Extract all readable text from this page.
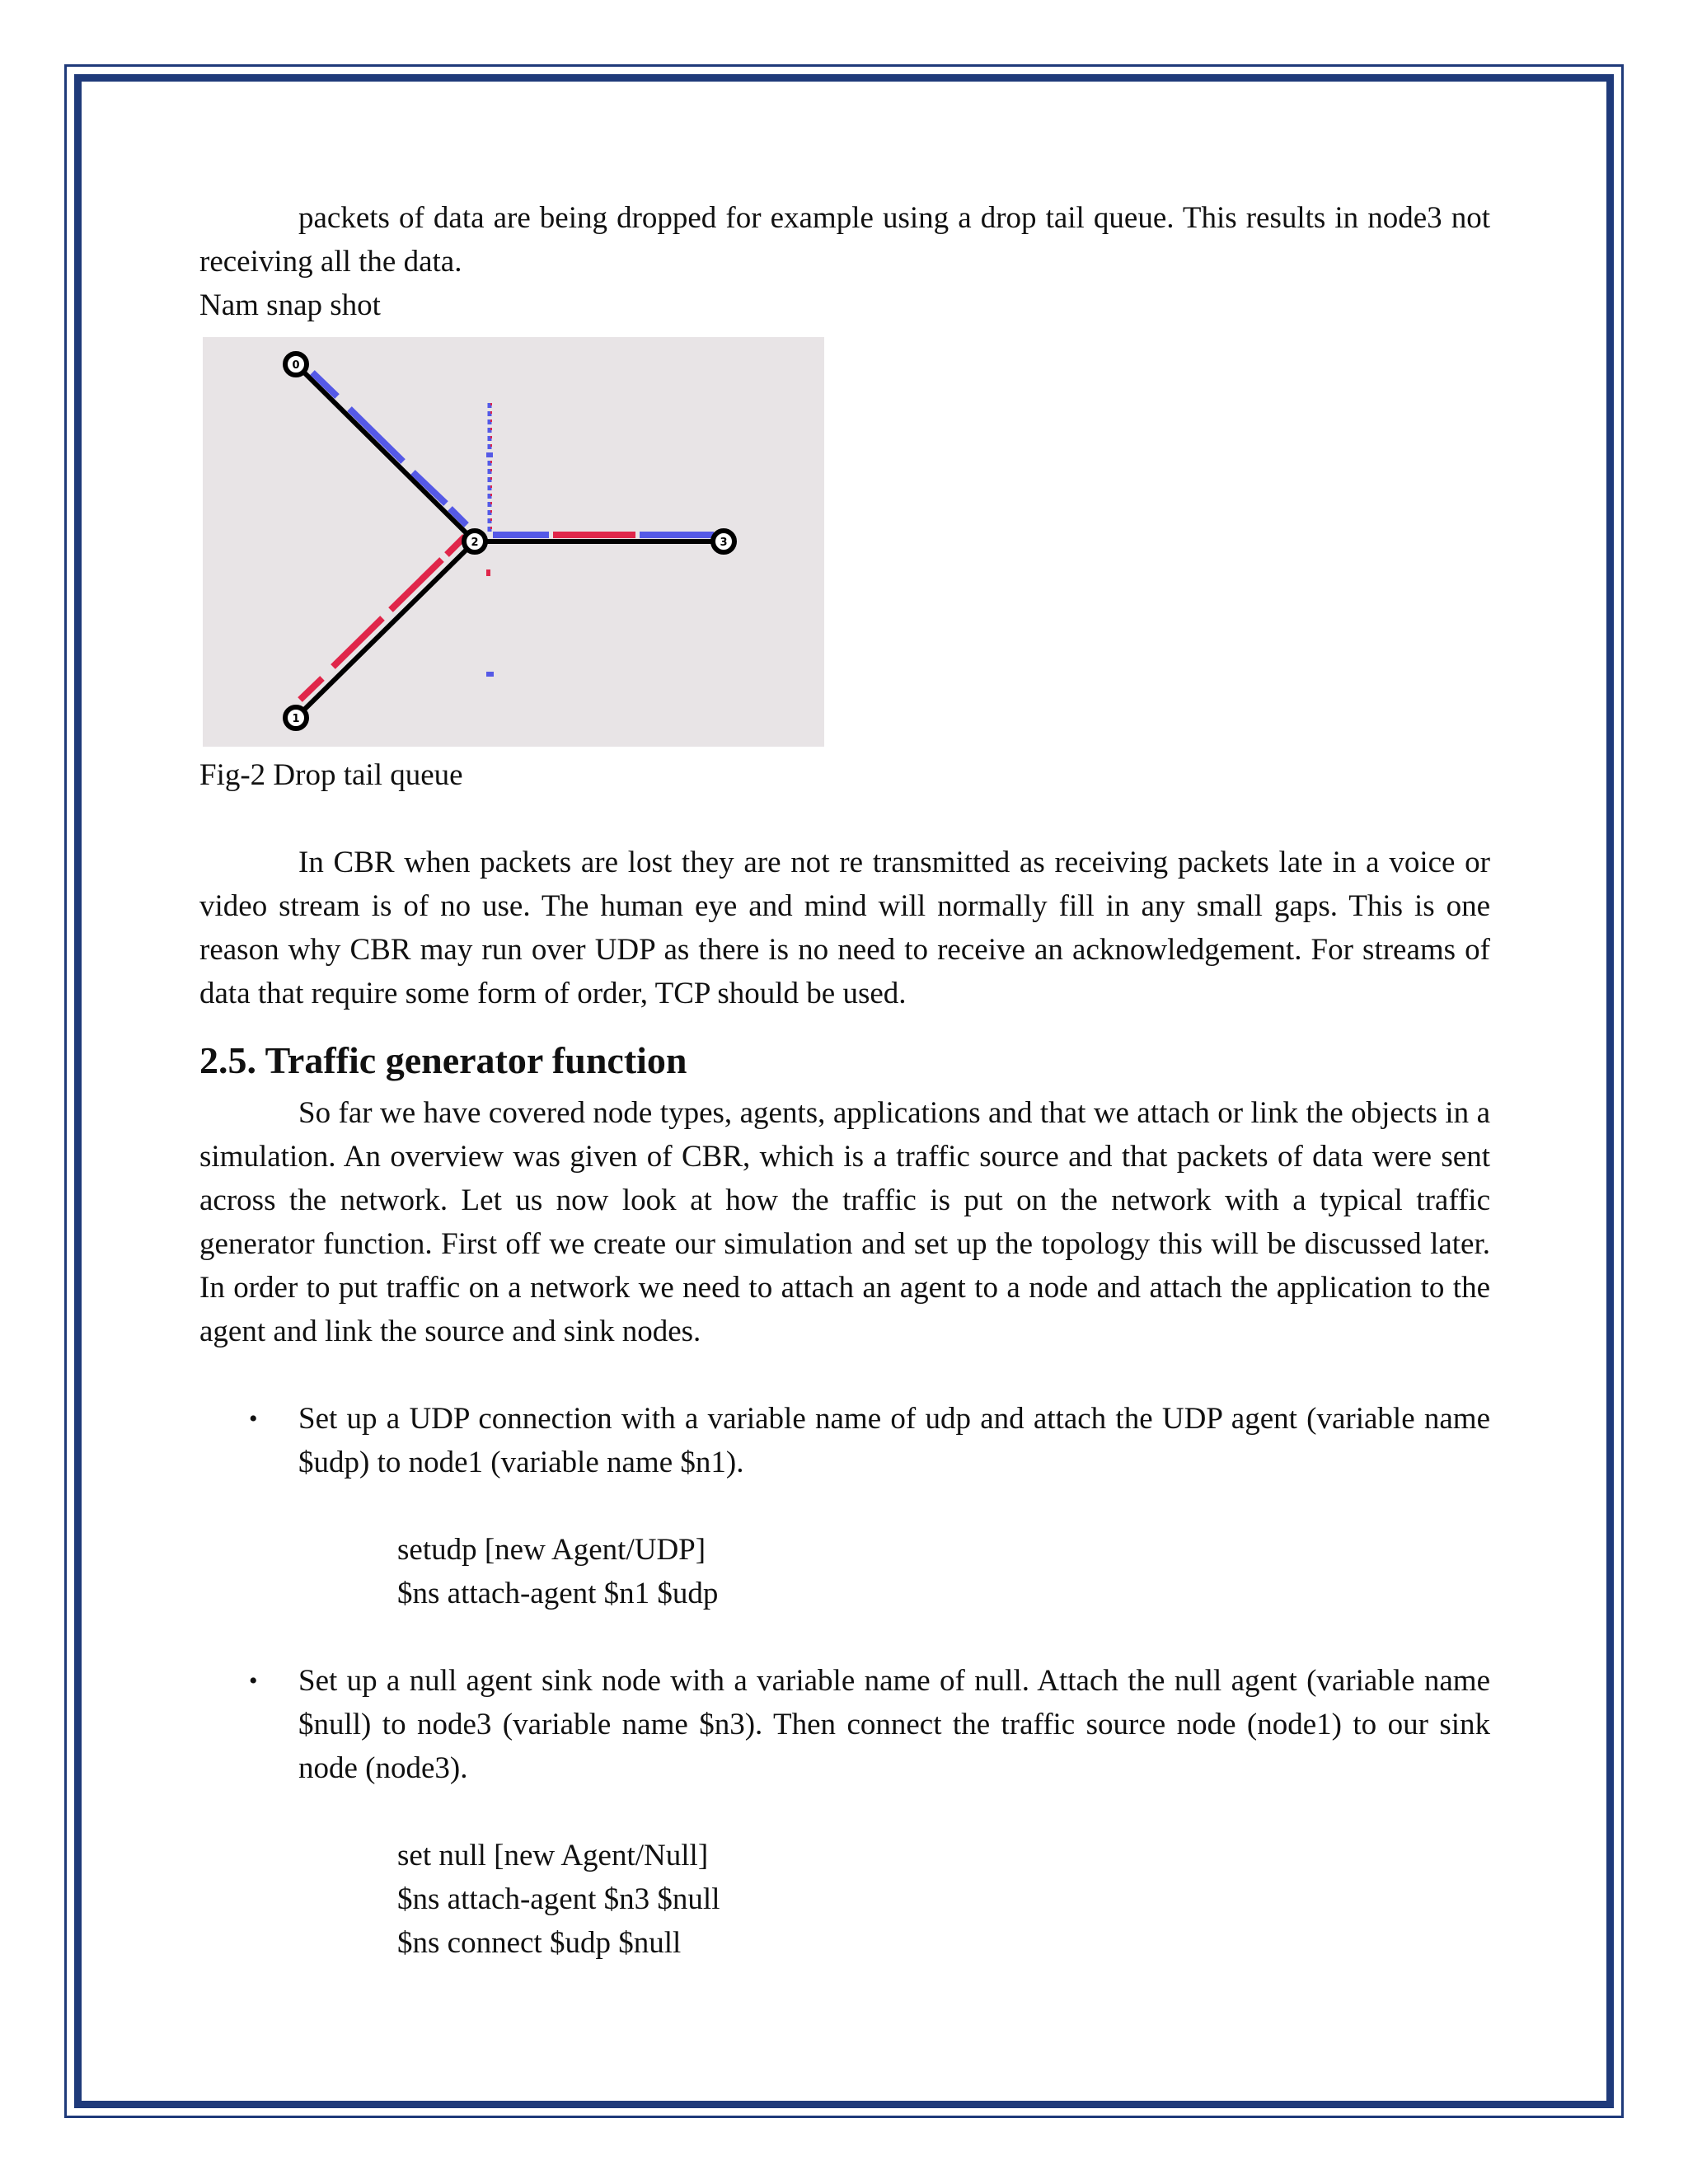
packets of data are being dropped for example using a drop tail queue. This results in node3 not receiving all the data.

Nam snap shot

0
1
2	3

Fig-2 Drop tail queue

In CBR when packets are lost they are not re transmitted as receiving packets late in a voice or video stream is of no use. The human eye and mind will normally fill in any small gaps. This is one reason why CBR may run over UDP as there is no need to receive an acknowledgement. For streams of data that require some form of order, TCP should be used.

2.5. Traffic generator function

So far we have covered node types, agents, applications and that we attach or link the objects in a simulation. An overview was given of CBR, which is a traffic source and that packets of data were sent across the network. Let us now look at how the traffic is put on the network with a typical traffic generator function. First off we create our simulation and set up the topology this will be discussed later. In order to put traffic on a network we need to attach an agent to a node and attach the application to the agent and link the source and sink nodes.

• Set up a UDP connection with a variable name of udp and attach the UDP agent (variable name $udp) to node1 (variable name $n1).

setudp [new Agent/UDP]
$ns attach-agent $n1 $udp
• Set up a null agent sink node with a variable name of null. Attach the null agent (variable name $null) to node3 (variable name $n3). Then connect the traffic source node (node1) to our sink node (node3).

set null [new Agent/Null]
$ns attach-agent $n3 $null
$ns connect $udp $null
